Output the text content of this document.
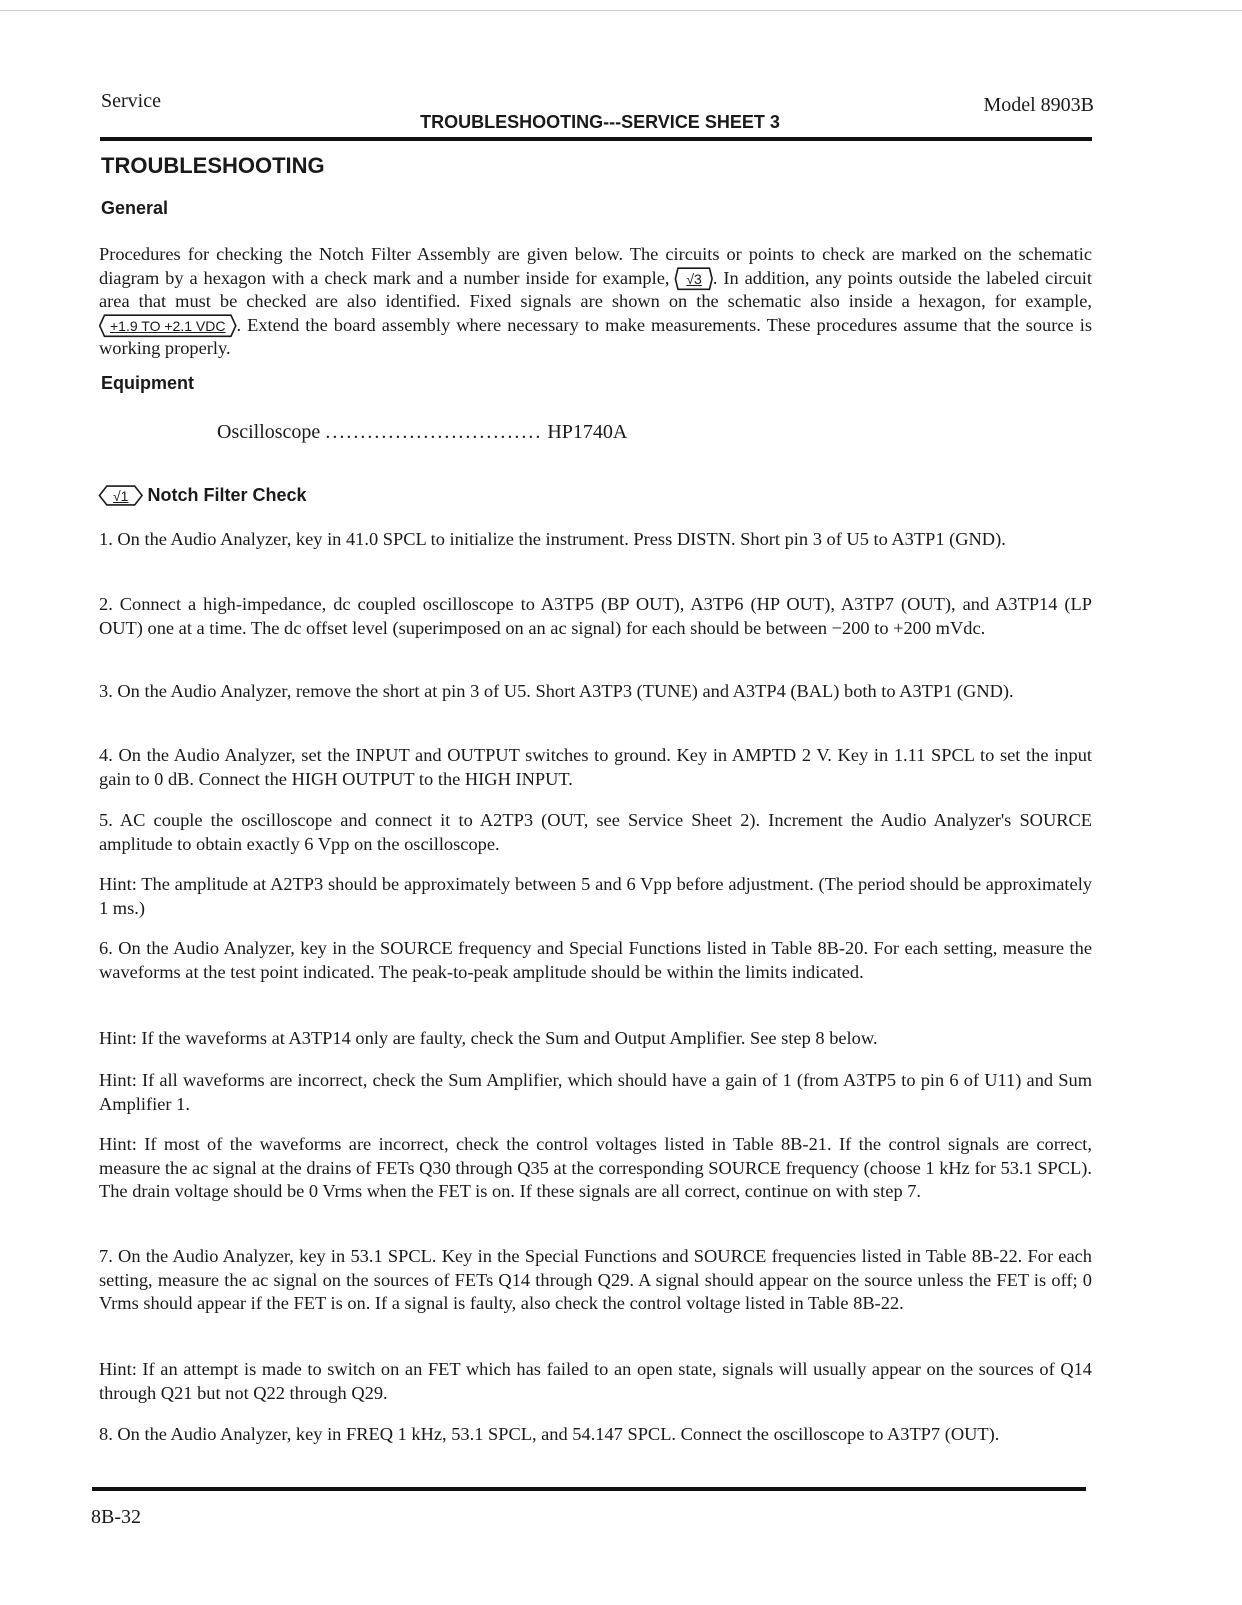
Service
TROUBLESHOOTING---SERVICE SHEET 3
Model 8903B
TROUBLESHOOTING
General

Procedures for checking the Notch Filter Assembly are given below. The circuits or points to check are marked on the schematic diagram by a hexagon with a check mark and a number inside for example, √3 . In addition, any points outside the labeled circuit area that must be checked are also identified. Fixed signals are shown on the schematic also inside a hexagon, for example,
+1.9 TO +2.1 VDC . Extend the board assembly where necessary to make measurements. These procedures assume that the source is working properly.

Equipment
Oscilloscope ............................... HP1740A
√1 Notch Filter Check

1. On the Audio Analyzer, key in 41.0 SPCL to initialize the instrument. Press DISTN. Short pin 3 of U5 to A3TP1 (GND).

2. Connect a high-impedance, dc coupled oscilloscope to A3TP5 (BP OUT), A3TP6 (HP OUT), A3TP7 (OUT), and A3TP14 (LP OUT) one at a time. The dc offset level (superimposed on an ac signal) for each should be between −200 to +200 mVdc.

3. On the Audio Analyzer, remove the short at pin 3 of U5. Short A3TP3 (TUNE) and A3TP4 (BAL) both to A3TP1 (GND).

4. On the Audio Analyzer, set the INPUT and OUTPUT switches to ground. Key in AMPTD 2 V. Key in 1.11 SPCL to set the input gain to 0 dB. Connect the HIGH OUTPUT to the HIGH INPUT.

5. AC couple the oscilloscope and connect it to A2TP3 (OUT, see Service Sheet 2). Increment the Audio Analyzer's SOURCE amplitude to obtain exactly 6 Vpp on the oscilloscope.

Hint: The amplitude at A2TP3 should be approximately between 5 and 6 Vpp before adjustment. (The period should be approximately 1 ms.)

6. On the Audio Analyzer, key in the SOURCE frequency and Special Functions listed in Table 8B-20. For each setting, measure the waveforms at the test point indicated. The peak-to-peak amplitude should be within the limits indicated.

Hint: If the waveforms at A3TP14 only are faulty, check the Sum and Output Amplifier. See step 8 below.

Hint: If all waveforms are incorrect, check the Sum Amplifier, which should have a gain of 1 (from A3TP5 to pin 6 of U11) and Sum Amplifier 1.

Hint: If most of the waveforms are incorrect, check the control voltages listed in Table 8B-21. If the control signals are correct, measure the ac signal at the drains of FETs Q30 through Q35 at the corresponding SOURCE frequency (choose 1 kHz for 53.1 SPCL). The drain voltage should be 0 Vrms when the FET is on. If these signals are all correct, continue on with step 7.

7. On the Audio Analyzer, key in 53.1 SPCL. Key in the Special Functions and SOURCE frequencies listed in Table 8B-22. For each setting, measure the ac signal on the sources of FETs Q14 through Q29. A signal should appear on the source unless the FET is off; 0 Vrms should appear if the FET is on. If a signal is faulty, also check the control voltage listed in Table 8B-22.

Hint: If an attempt is made to switch on an FET which has failed to an open state, signals will usually appear on the sources of Q14 through Q21 but not Q22 through Q29.

8. On the Audio Analyzer, key in FREQ 1 kHz, 53.1 SPCL, and 54.147 SPCL. Connect the oscilloscope to A3TP7 (OUT).

8B-32
